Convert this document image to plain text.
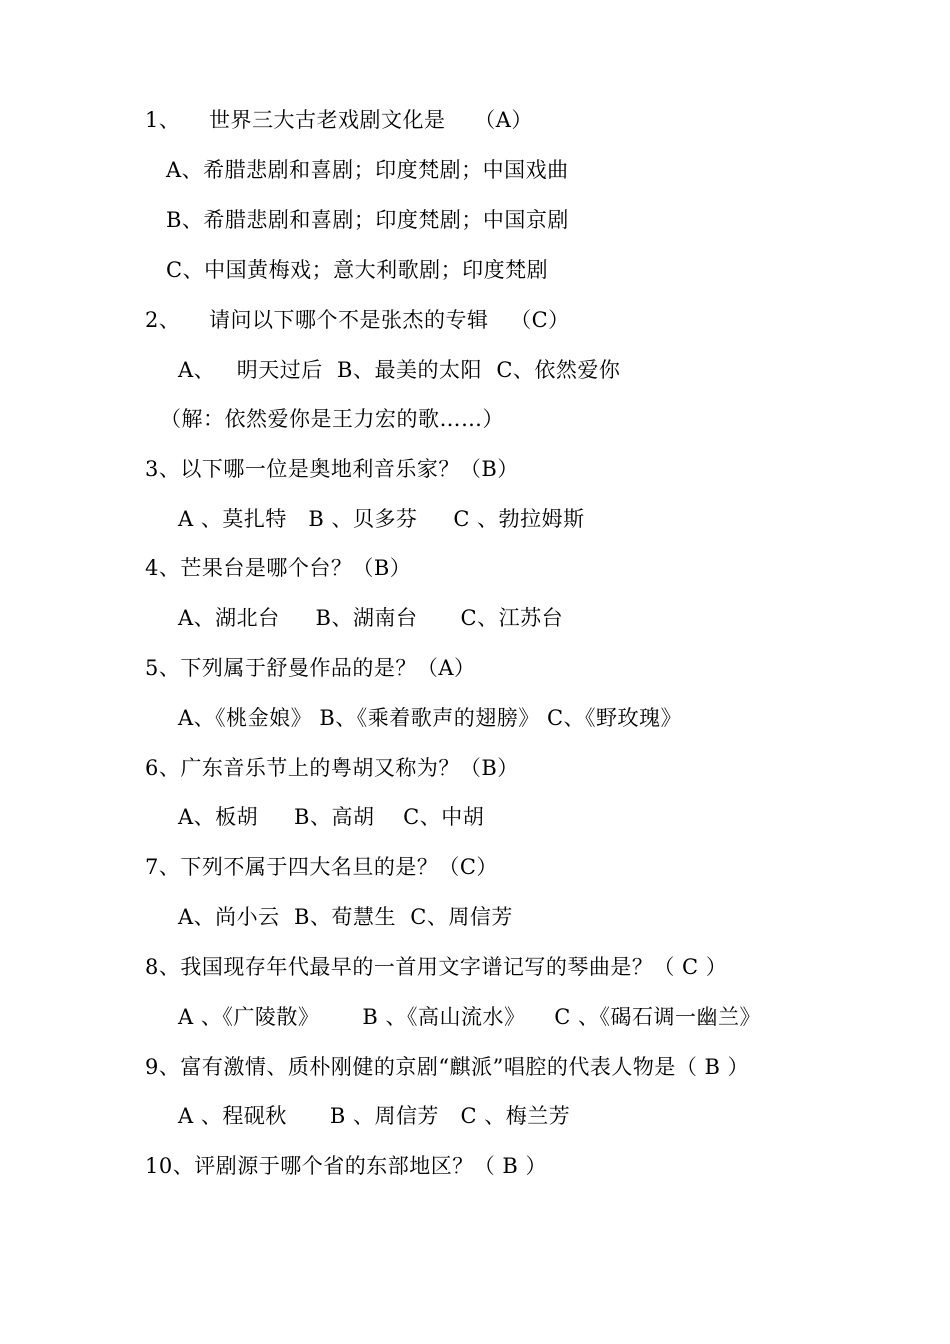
1、    世界三大古老戏剧文化是    （A）
A、希腊悲剧和喜剧；印度梵剧；中国戏曲
B、希腊悲剧和喜剧；印度梵剧；中国京剧
C、中国黄梅戏；意大利歌剧；印度梵剧
2、    请问以下哪个不是张杰的专辑   （C）
A、   明天过后  B、最美的太阳  C、依然爱你
（解：依然爱你是王力宏的歌……）
3、以下哪一位是奥地利音乐家？（B）
A 、莫扎特   B 、贝多芬     C 、勃拉姆斯
4、芒果台是哪个台？（B）
A、湖北台     B、湖南台      C、江苏台
5、下列属于舒曼作品的是？（A）
A、《桃金娘》 B、《乘着歌声的翅膀》 C、《野玫瑰》
6、广东音乐节上的粤胡又称为？（B）
A、板胡     B、高胡    C、中胡
7、下列不属于四大名旦的是？（C）
A、尚小云  B、荀慧生  C、周信芳
8、我国现存年代最早的一首用文字谱记写的琴曲是？（ C ）
A 、《广陵散》      B 、《高山流水》    C 、《碣石调一幽兰》
9、富有激情、质朴刚健的京剧“麒派”唱腔的代表人物是（ B ）
A 、程砚秋      B 、周信芳   C 、梅兰芳
10、评剧源于哪个省的东部地区？（ B ）
